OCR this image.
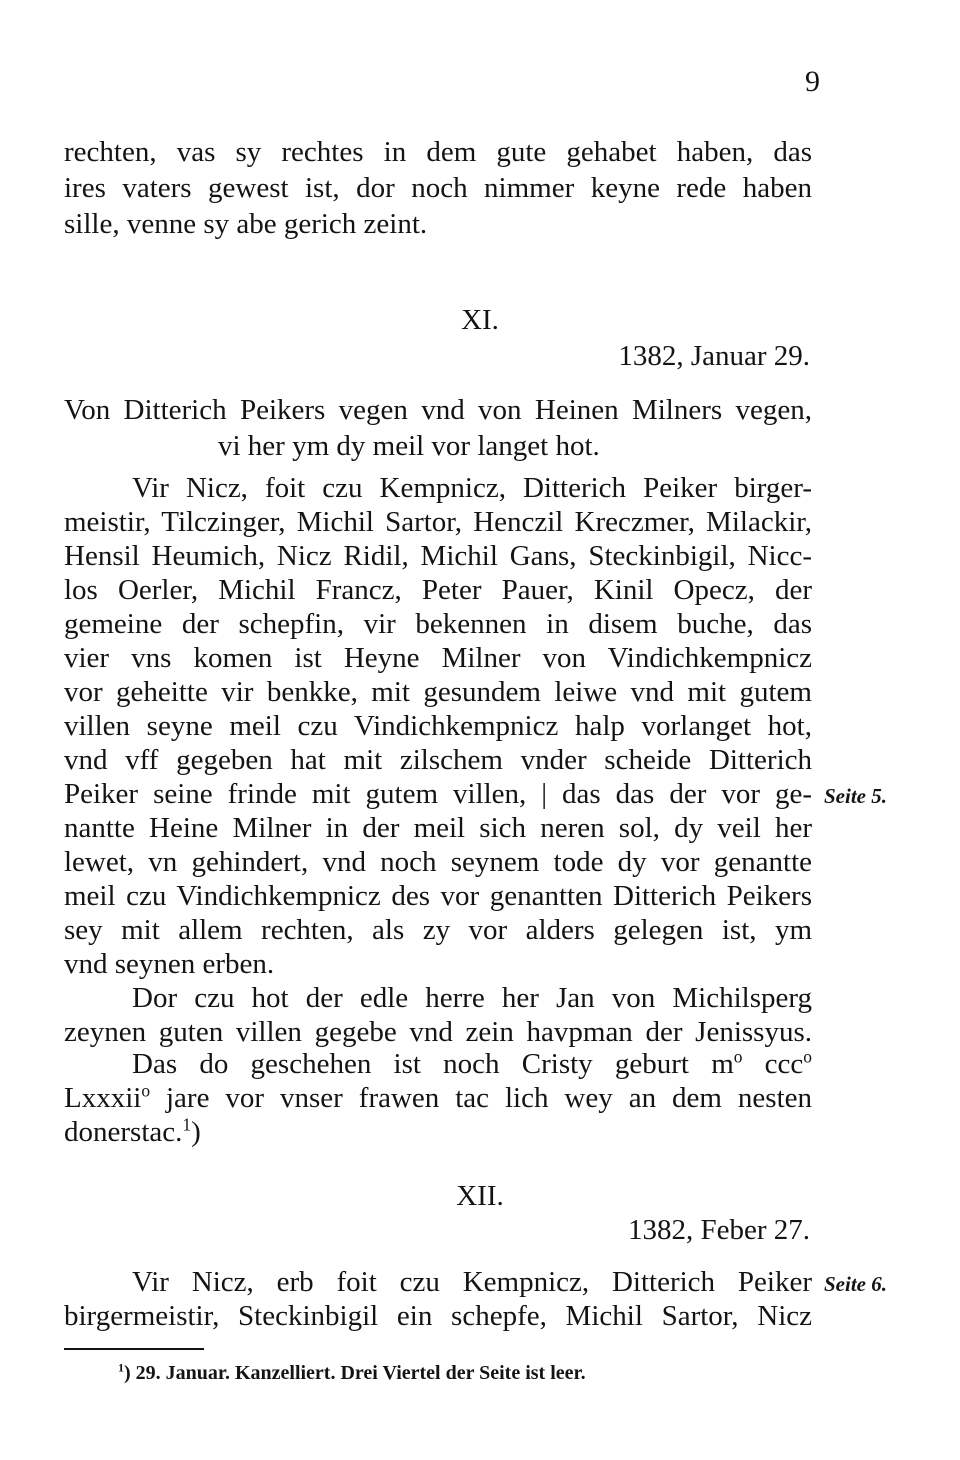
9

rechten, vas sy rechtes in dem gute gehabet haben, das

ires vaters gewest ist, dor noch nimmer keyne rede haben

sille, venne sy abe gerich zeint.

XI.
1382, Januar 29.

Von Ditterich Peikers vegen vnd von Heinen Milners vegen,

vi her ym dy meil vor langet hot.

Vir Nicz, foit czu Kempnicz, Ditterich Peiker birger-

meistir, Tilczinger, Michil Sartor, Henczil Kreczmer, Milackir,

Hensil Heumich, Nicz Ridil, Michil Gans, Steckinbigil, Nicc-

los Oerler, Michil Francz, Peter Pauer, Kinil Opecz, der

gemeine der schepfin, vir bekennen in disem buche, das

vier vns komen ist Heyne Milner von Vindichkempnicz

vor geheitte vir benkke, mit gesundem leiwe vnd mit gutem

villen seyne meil czu Vindichkempnicz halp vorlanget hot,

vnd vff gegeben hat mit zilschem vnder scheide Ditterich

Peiker seine frinde mit gutem villen, | das das der vor ge- Seite 5.

nantte Heine Milner in der meil sich neren sol, dy veil her

lewet, vn gehindert, vnd noch seynem tode dy vor genantte

meil czu Vindichkempnicz des vor genantten Ditterich Peikers

sey mit allem rechten, als zy vor alders gelegen ist, ym

vnd seynen erben.

Dor czu hot der edle herre her Jan von Michilsperg

zeynen guten villen gegebe vnd zein havpman der Jenissyus.

Das do geschehen ist noch Cristy geburt $m^o$ ccc$^o$

Lxxxii$^o$ jare vor vnser frawen tac lich wey an dem nesten

donerstac.$^1$)

XII.
1382, Feber 27.

Vir Nicz, erb foit czu Kempnicz, Ditterich Peiker Seite 6.

birgermeistir, Steckinbigil ein schepfe, Michil Sartor, Nicz

$^1$) 29. Januar. Kanzelliert. Drei Viertel der Seite ist leer.
